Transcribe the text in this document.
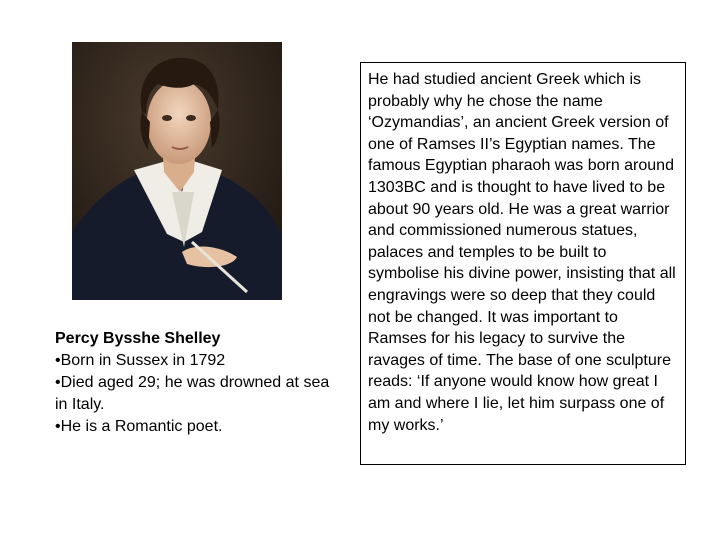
Percy Bysshe Shelley
• Born in Sussex in 1792
• Died aged 29; he was drowned at sea in Italy.
• He is a Romantic poet.
He had studied ancient Greek which is probably why he chose the name ‘Ozymandias’, an ancient Greek version of one of Ramses II’s Egyptian names. The famous Egyptian pharaoh was born around 1303BC and is thought to have lived to be about 90 years old. He was a great warrior and commissioned numerous statues, palaces and temples to be built to symbolise his divine power, insisting that all engravings were so deep that they could not be changed. It was important to Ramses for his legacy to survive the ravages of time. The base of one sculpture reads: ‘If anyone would know how great I am and where I lie, let him surpass one of my works.’
